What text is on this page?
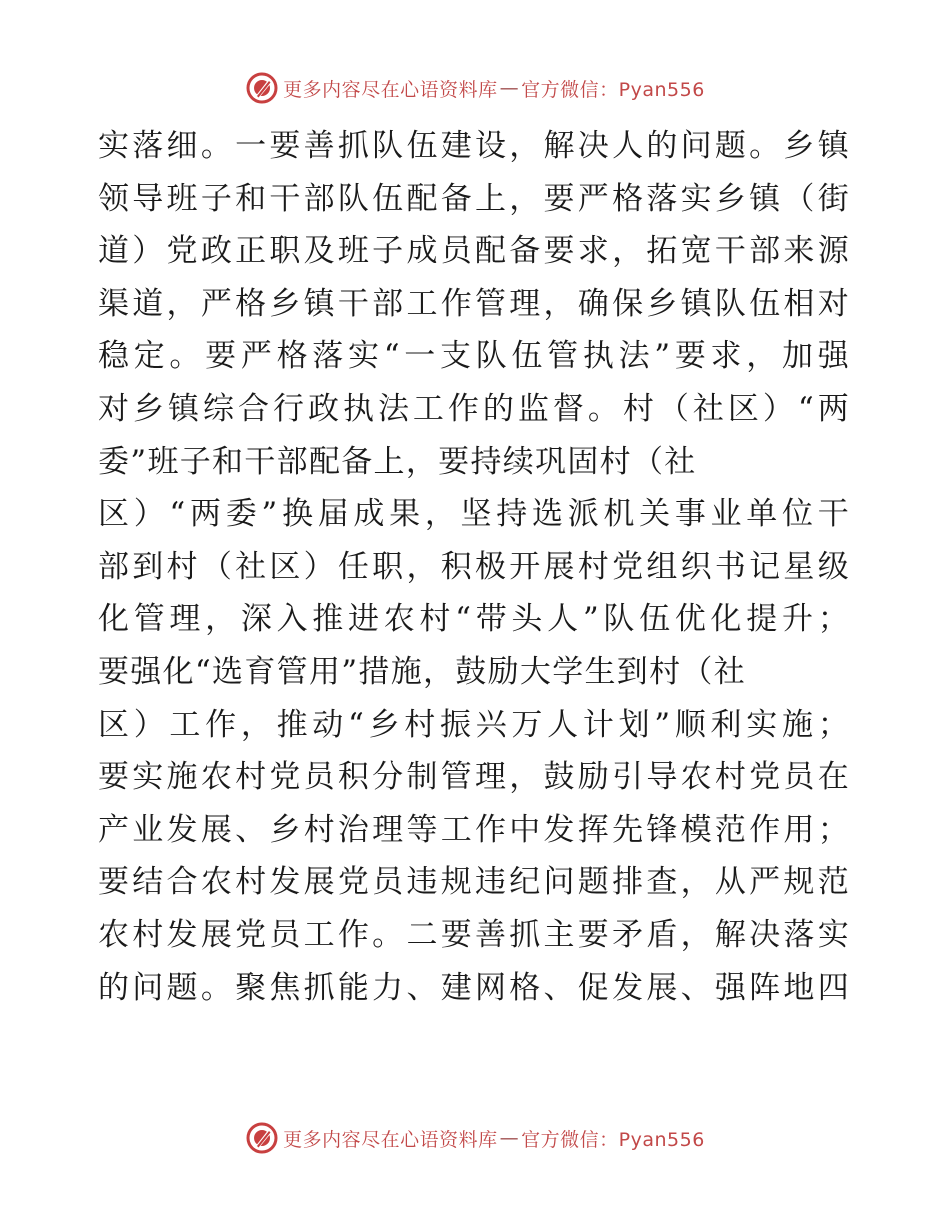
更多内容尽在心语资料库 — 官方微信：Pyan556
实落细。一要善抓队伍建设，解决人的问题。乡镇
领导班子和干部队伍配备上，要严格落实乡镇（街
道）党政正职及班子成员配备要求，拓宽干部来源
渠道，严格乡镇干部工作管理，确保乡镇队伍相对
稳定。要严格落实“一支队伍管执法”要求，加强
对乡镇综合行政执法工作的监督。村（社区）“两
委”班子和干部配备上，要持续巩固村（社
区）“两委”换届成果，坚持选派机关事业单位干
部到村（社区）任职，积极开展村党组织书记星级
化管理，深入推进农村“带头人”队伍优化提升；
要强化“选育管用”措施，鼓励大学生到村（社
区）工作，推动“乡村振兴万人计划”顺利实施；
要实施农村党员积分制管理，鼓励引导农村党员在
产业发展、乡村治理等工作中发挥先锋模范作用；
要结合农村发展党员违规违纪问题排查，从严规范
农村发展党员工作。二要善抓主要矛盾，解决落实
的问题。聚焦抓能力、建网格、促发展、强阵地四
更多内容尽在心语资料库 — 官方微信：Pyan556
